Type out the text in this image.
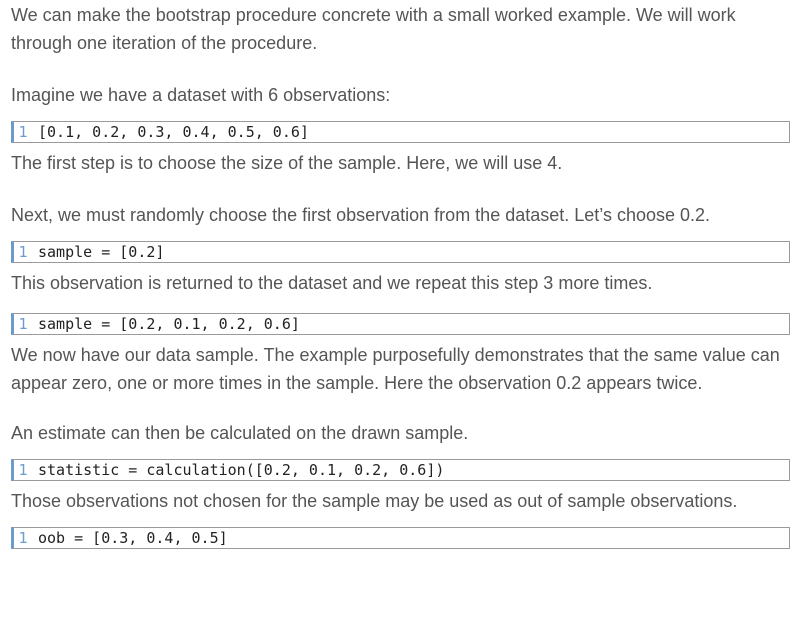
We can make the bootstrap procedure concrete with a small worked example. We will work through one iteration of the procedure.

Imagine we have a dataset with 6 observations:

1 [0.1, 0.2, 0.3, 0.4, 0.5, 0.6]

The first step is to choose the size of the sample. Here, we will use 4.

Next, we must randomly choose the first observation from the dataset. Let’s choose 0.2.

1 sample = [0.2]

This observation is returned to the dataset and we repeat this step 3 more times.

1 sample = [0.2, 0.1, 0.2, 0.6]

We now have our data sample. The example purposefully demonstrates that the same value can appear zero, one or more times in the sample. Here the observation 0.2 appears twice.

An estimate can then be calculated on the drawn sample.

1 statistic = calculation([0.2, 0.1, 0.2, 0.6])

Those observations not chosen for the sample may be used as out of sample observations.

1 oob = [0.3, 0.4, 0.5]
